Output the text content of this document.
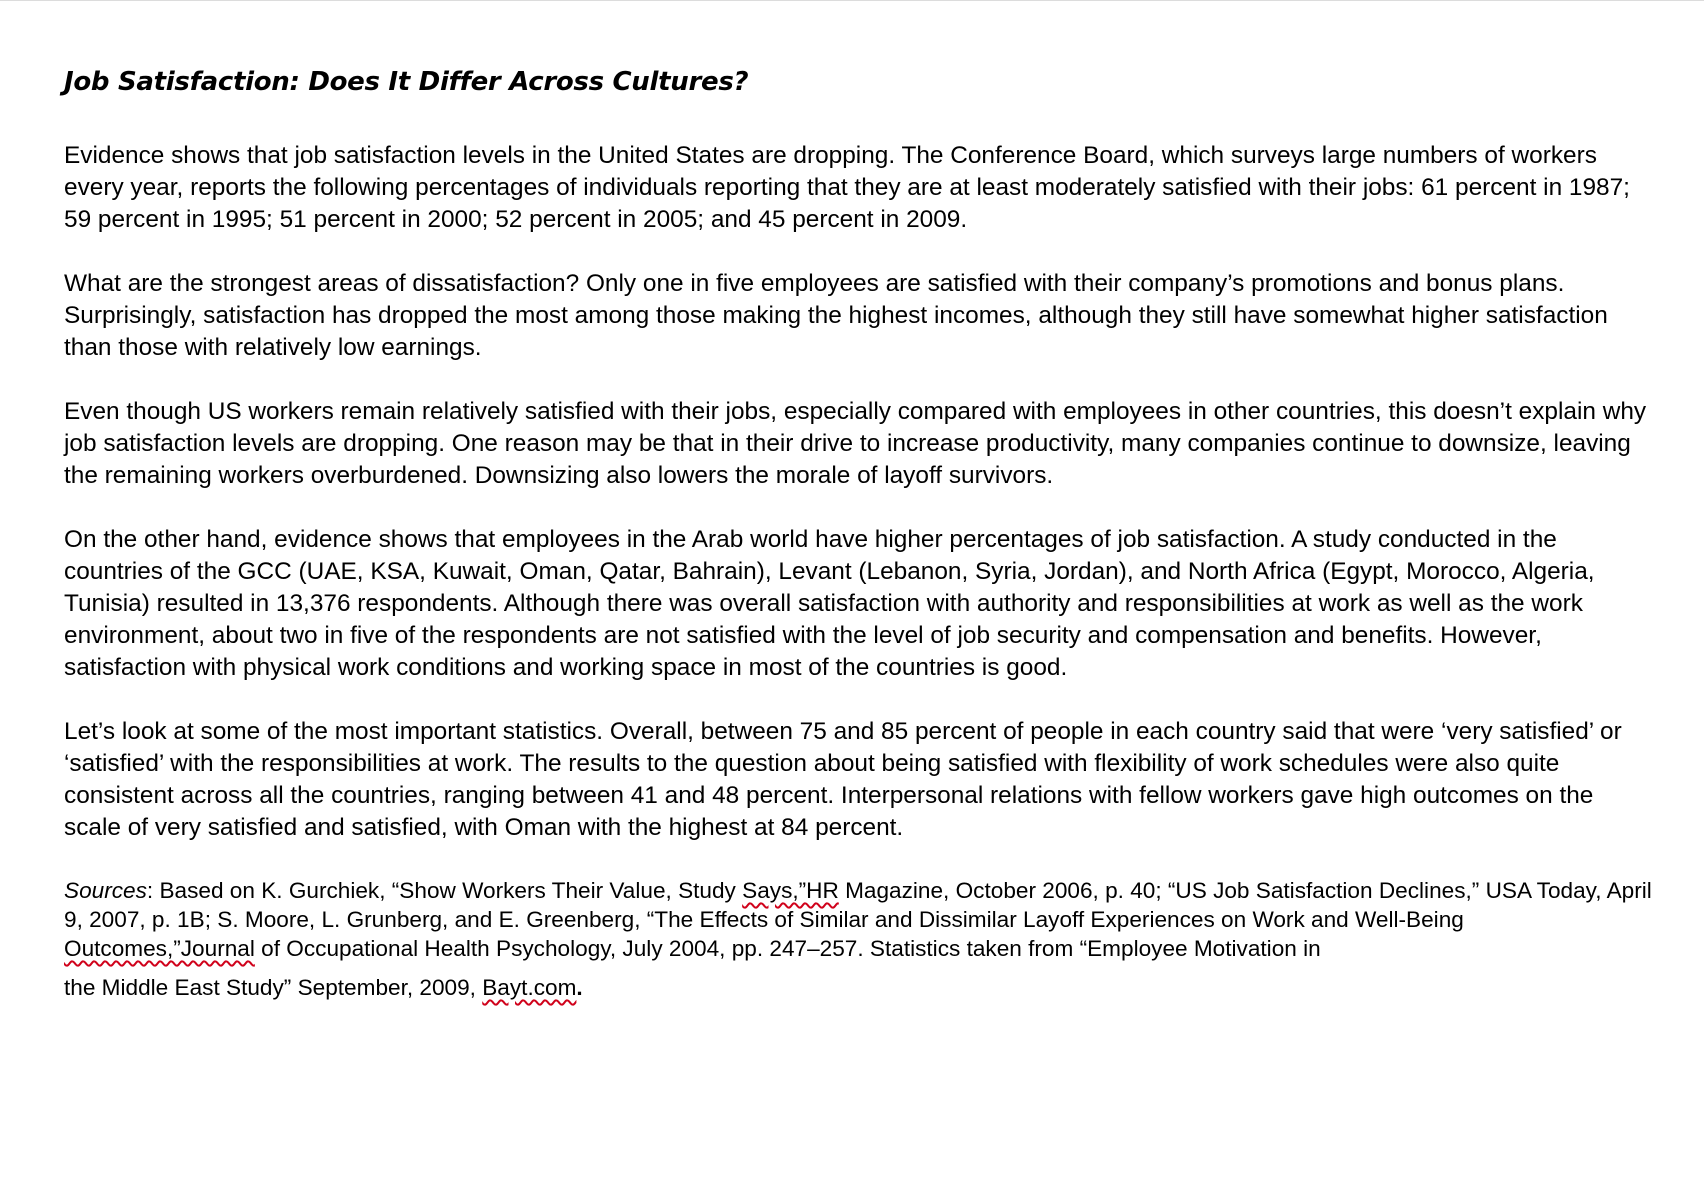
Job Satisfaction: Does It Differ Across Cultures?

Evidence shows that job satisfaction levels in the United States are dropping. The Conference Board, which surveys large numbers of workers every year, reports the following percentages of individuals reporting that they are at least moderately satisfied with their jobs: 61 percent in 1987; 59 percent in 1995; 51 percent in 2000; 52 percent in 2005; and 45 percent in 2009.

What are the strongest areas of dissatisfaction? Only one in five employees are satisfied with their company’s promotions and bonus plans. Surprisingly, satisfaction has dropped the most among those making the highest incomes, although they still have somewhat higher satisfaction than those with relatively low earnings.

Even though US workers remain relatively satisfied with their jobs, especially compared with employees in other countries, this doesn’t explain why job satisfaction levels are dropping. One reason may be that in their drive to increase productivity, many companies continue to downsize, leaving the remaining workers overburdened. Downsizing also lowers the morale of layoff survivors.

On the other hand, evidence shows that employees in the Arab world have higher percentages of job satisfaction. A study conducted in the countries of the GCC (UAE, KSA, Kuwait, Oman, Qatar, Bahrain), Levant (Lebanon, Syria, Jordan), and North Africa (Egypt, Morocco, Algeria, Tunisia) resulted in 13,376 respondents. Although there was overall satisfaction with authority and responsibilities at work as well as the work environment, about two in five of the respondents are not satisfied with the level of job security and compensation and benefits. However, satisfaction with physical work conditions and working space in most of the countries is good.

Let’s look at some of the most important statistics. Overall, between 75 and 85 percent of people in each country said that were ‘very satisfied’ or ‘satisfied’ with the responsibilities at work. The results to the question about being satisfied with flexibility of work schedules were also quite consistent across all the countries, ranging between 41 and 48 percent. Interpersonal relations with fellow workers gave high outcomes on the scale of very satisfied and satisfied, with Oman with the highest at 84 percent.

Sources: Based on K. Gurchiek, “Show Workers Their Value, Study Says,”HR Magazine, October 2006, p. 40; “US Job Satisfaction Declines,” USA Today, April 9, 2007, p. 1B; S. Moore, L. Grunberg, and E. Greenberg, “The Effects of Similar and Dissimilar Layoff Experiences on Work and Well-Being Outcomes,”Journal of Occupational Health Psychology, July 2004, pp. 247–257. Statistics taken from “Employee Motivation in
the Middle East Study” September, 2009, Bayt.com.
